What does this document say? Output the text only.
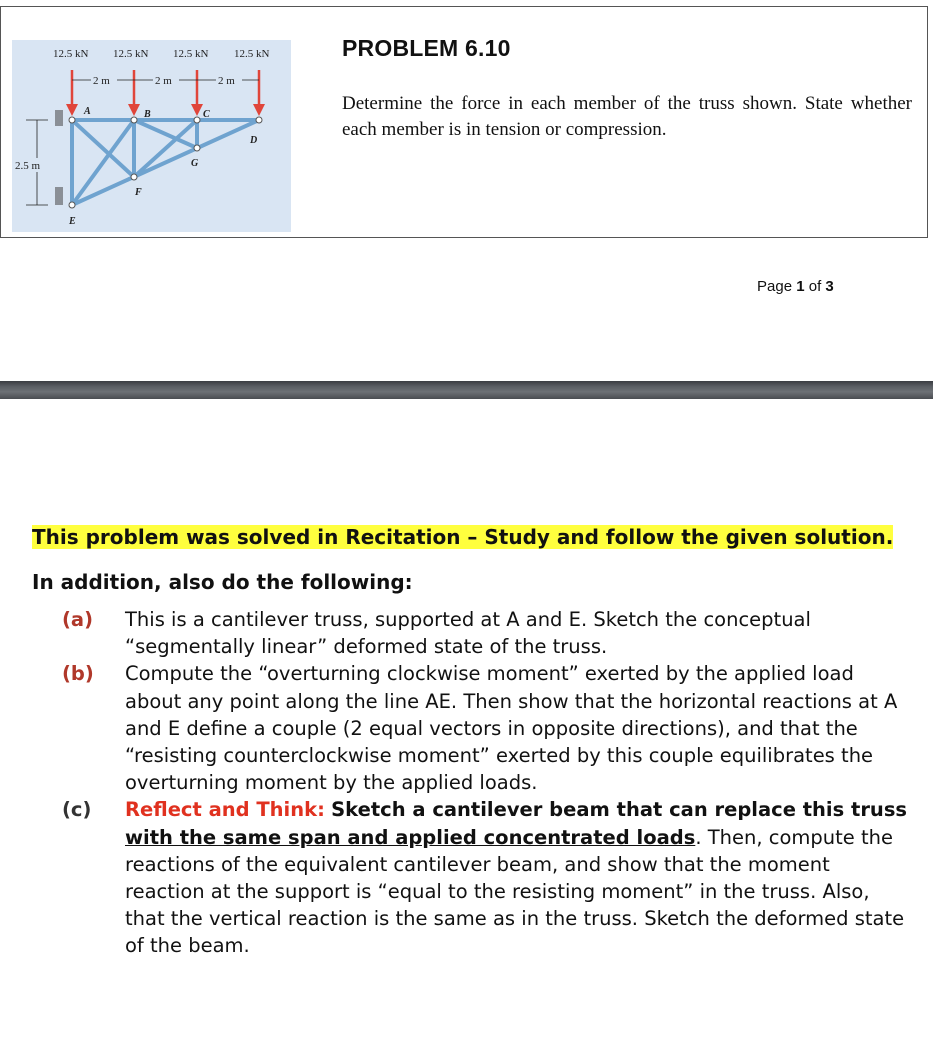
12.5 kN 12.5 kN 12.5 kN 12.5 kN
2 m	2 m	2 m
2.5 m
A	B	C
D
E
F
G
PROBLEM 6.10
Determine the force in each member of the truss shown. State whether each member is in tension or compression.
Page 1 of 3

This problem was solved in Recitation – Study and follow the given solution.

In addition, also do the following:

(a) This is a cantilever truss, supported at A and E. Sketch the conceptual “segmentally linear” deformed state of the truss.
(b) Compute the “overturning clockwise moment” exerted by the applied load about any point along the line AE. Then show that the horizontal reactions at A and E define a couple (2 equal vectors in opposite directions), and that the “resisting counterclockwise moment” exerted by this couple equilibrates the overturning moment by the applied loads.
(c) Reflect and Think: Sketch a cantilever beam that can replace this truss with the same span and applied concentrated loads. Then, compute the reactions of the equivalent cantilever beam, and show that the moment reaction at the support is “equal to the resisting moment” in the truss. Also, that the vertical reaction is the same as in the truss. Sketch the deformed state of the beam.
